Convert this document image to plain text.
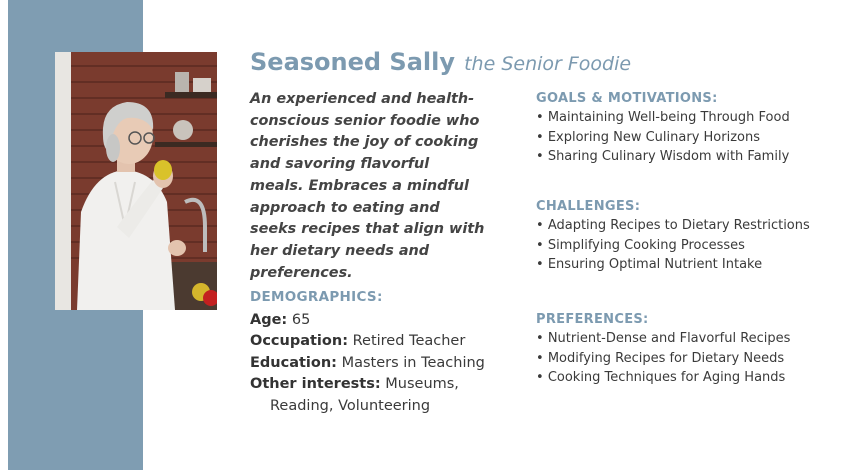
Seasoned Sally the Senior Foodie
An experienced and health-conscious senior foodie who cherishes the joy of cooking and savoring flavorful meals. Embraces a mindful approach to eating and seeks recipes that align with her dietary needs and preferences.
DEMOGRAPHICS:
Age: 65
Occupation: Retired Teacher
Education: Masters in Teaching
Other interests: Museums,
Reading, Volunteering
GOALS & MOTIVATIONS:
• Maintaining Well-being Through Food
• Exploring New Culinary Horizons
• Sharing Culinary Wisdom with Family
CHALLENGES:
• Adapting Recipes to Dietary Restrictions
• Simplifying Cooking Processes
• Ensuring Optimal Nutrient Intake
PREFERENCES:
• Nutrient-Dense and Flavorful Recipes
• Modifying Recipes for Dietary Needs
• Cooking Techniques for Aging Hands
